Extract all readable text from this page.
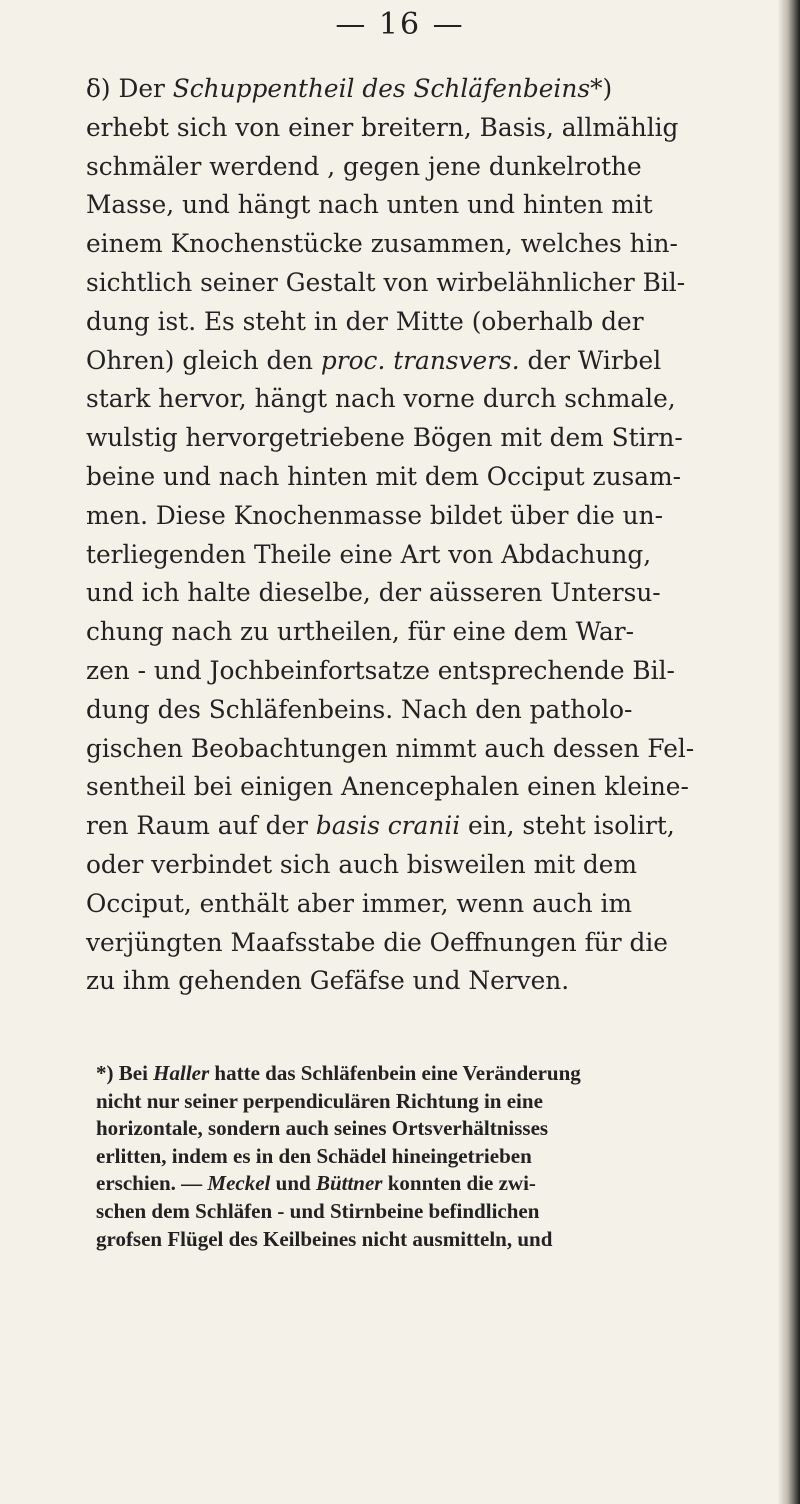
— 16 —
δ) Der Schuppentheil des Schläfenbeins*)
erhebt sich von einer breitern, Basis, allmählig
schmäler werdend , gegen jene dunkelrothe
Masse, und hängt nach unten und hinten mit
einem Knochenstücke zusammen, welches hin-
sichtlich seiner Gestalt von wirbelähnlicher Bil-
dung ist. Es steht in der Mitte (oberhalb der
Ohren) gleich den proc. transvers. der Wirbel
stark hervor, hängt nach vorne durch schmale,
wulstig hervorgetriebene Bögen mit dem Stirn-
beine und nach hinten mit dem Occiput zusam-
men. Diese Knochenmasse bildet über die un-
terliegenden Theile eine Art von Abdachung,
und ich halte dieselbe, der aüsseren Untersu-
chung nach zu urtheilen, für eine dem War-
zen - und Jochbeinfortsatze entsprechende Bil-
dung des Schläfenbeins. Nach den patholo-
gischen Beobachtungen nimmt auch dessen Fel-
sentheil bei einigen Anencephalen einen kleine-
ren Raum auf der basis cranii ein, steht isolirt,
oder verbindet sich auch bisweilen mit dem
Occiput, enthält aber immer, wenn auch im
verjüngten Maafsstabe die Oeffnungen für die
zu ihm gehenden Gefäfse und Nerven.
*) Bei Haller hatte das Schläfenbein eine Veränderung
nicht nur seiner perpendiculären Richtung in eine
horizontale, sondern auch seines Ortsverhältnisses
erlitten, indem es in den Schädel hineingetrieben
erschien. — Meckel und Büttner konnten die zwi-
schen dem Schläfen - und Stirnbeine befindlichen
grofsen Flügel des Keilbeines nicht ausmitteln, und
